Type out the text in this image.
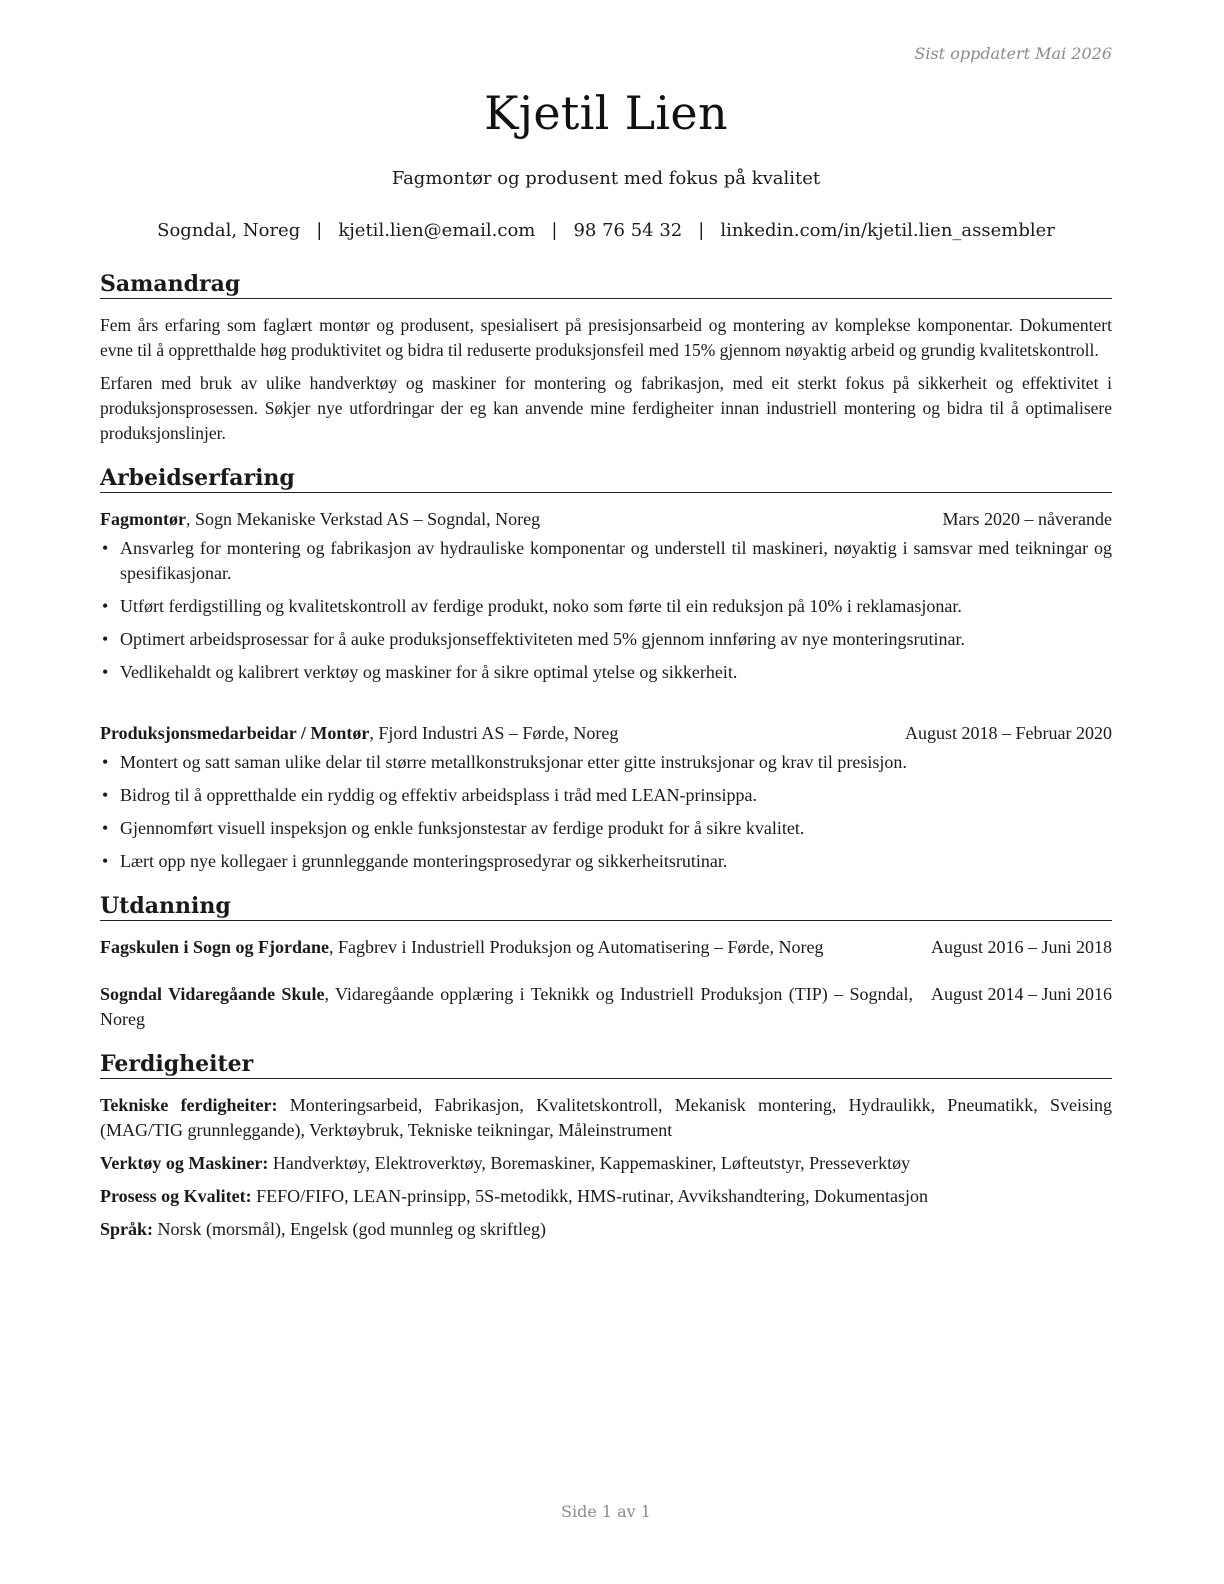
Sist oppdatert Mai 2026
Kjetil Lien
Fagmontør og produsent med fokus på kvalitet
Sogndal, Noreg | kjetil.lien@email.com | 98 76 54 32 | linkedin.com/in/kjetil.lien_assembler
Samandrag

Fem års erfaring som faglært montør og produsent, spesialisert på presisjonsarbeid og montering av komplekse komponentar. Dokumentert evne til å oppretthalde høg produktivitet og bidra til reduserte produksjonsfeil med 15% gjennom nøyaktig arbeid og grundig kvalitetskontroll.

Erfaren med bruk av ulike handverktøy og maskiner for montering og fabrikasjon, med eit sterkt fokus på sikkerheit og effektivitet i produksjonsprosessen. Søkjer nye utfordringar der eg kan anvende mine ferdigheiter innan industriell montering og bidra til å optimalisere produksjonslinjer.

Arbeidserfaring
Fagmontør, Sogn Mekaniske Verkstad AS – Sogndal, Noreg	Mars 2020 – nåverande
• Ansvarleg for montering og fabrikasjon av hydrauliske komponentar og understell til maskineri, nøyaktig i samsvar med teikningar og spesifikasjonar.
• Utført ferdigstilling og kvalitetskontroll av ferdige produkt, noko som førte til ein reduksjon på 10% i reklamasjonar.
• Optimert arbeidsprosessar for å auke produksjonseffektiviteten med 5% gjennom innføring av nye monteringsrutinar.
• Vedlikehaldt og kalibrert verktøy og maskiner for å sikre optimal ytelse og sikkerheit.
Produksjonsmedarbeidar / Montør, Fjord Industri AS – Førde, Noreg	August 2018 – Februar 2020
• Montert og satt saman ulike delar til større metallkonstruksjonar etter gitte instruksjonar og krav til presisjon.
• Bidrog til å oppretthalde ein ryddig og effektiv arbeidsplass i tråd med LEAN-prinsippa.
• Gjennomført visuell inspeksjon og enkle funksjonstestar av ferdige produkt for å sikre kvalitet.
• Lært opp nye kollegaer i grunnleggande monteringsprosedyrar og sikkerheitsrutinar.
Utdanning
Fagskulen i Sogn og Fjordane, Fagbrev i Industriell Produksjon og Automatisering – Førde, Noreg	August 2016 – Juni 2018
Sogndal Vidaregåande Skule, Vidaregåande opplæring i Teknikk og Industriell Produksjon (TIP) – Sogndal, Noreg
August 2014 – Juni 2016
Ferdigheiter
Tekniske ferdigheiter: Monteringsarbeid, Fabrikasjon, Kvalitetskontroll, Mekanisk montering, Hydraulikk, Pneumatikk, Sveising (MAG/TIG grunnleggande), Verktøybruk, Tekniske teikningar, Måleinstrument
Verktøy og Maskiner: Handverktøy, Elektroverktøy, Boremaskiner, Kappemaskiner, Løfteutstyr, Presseverktøy
Prosess og Kvalitet: FEFO/FIFO, LEAN-prinsipp, 5S-metodikk, HMS-rutinar, Avvikshandtering, Dokumentasjon
Språk: Norsk (morsmål), Engelsk (god munnleg og skriftleg)
Side 1 av 1
